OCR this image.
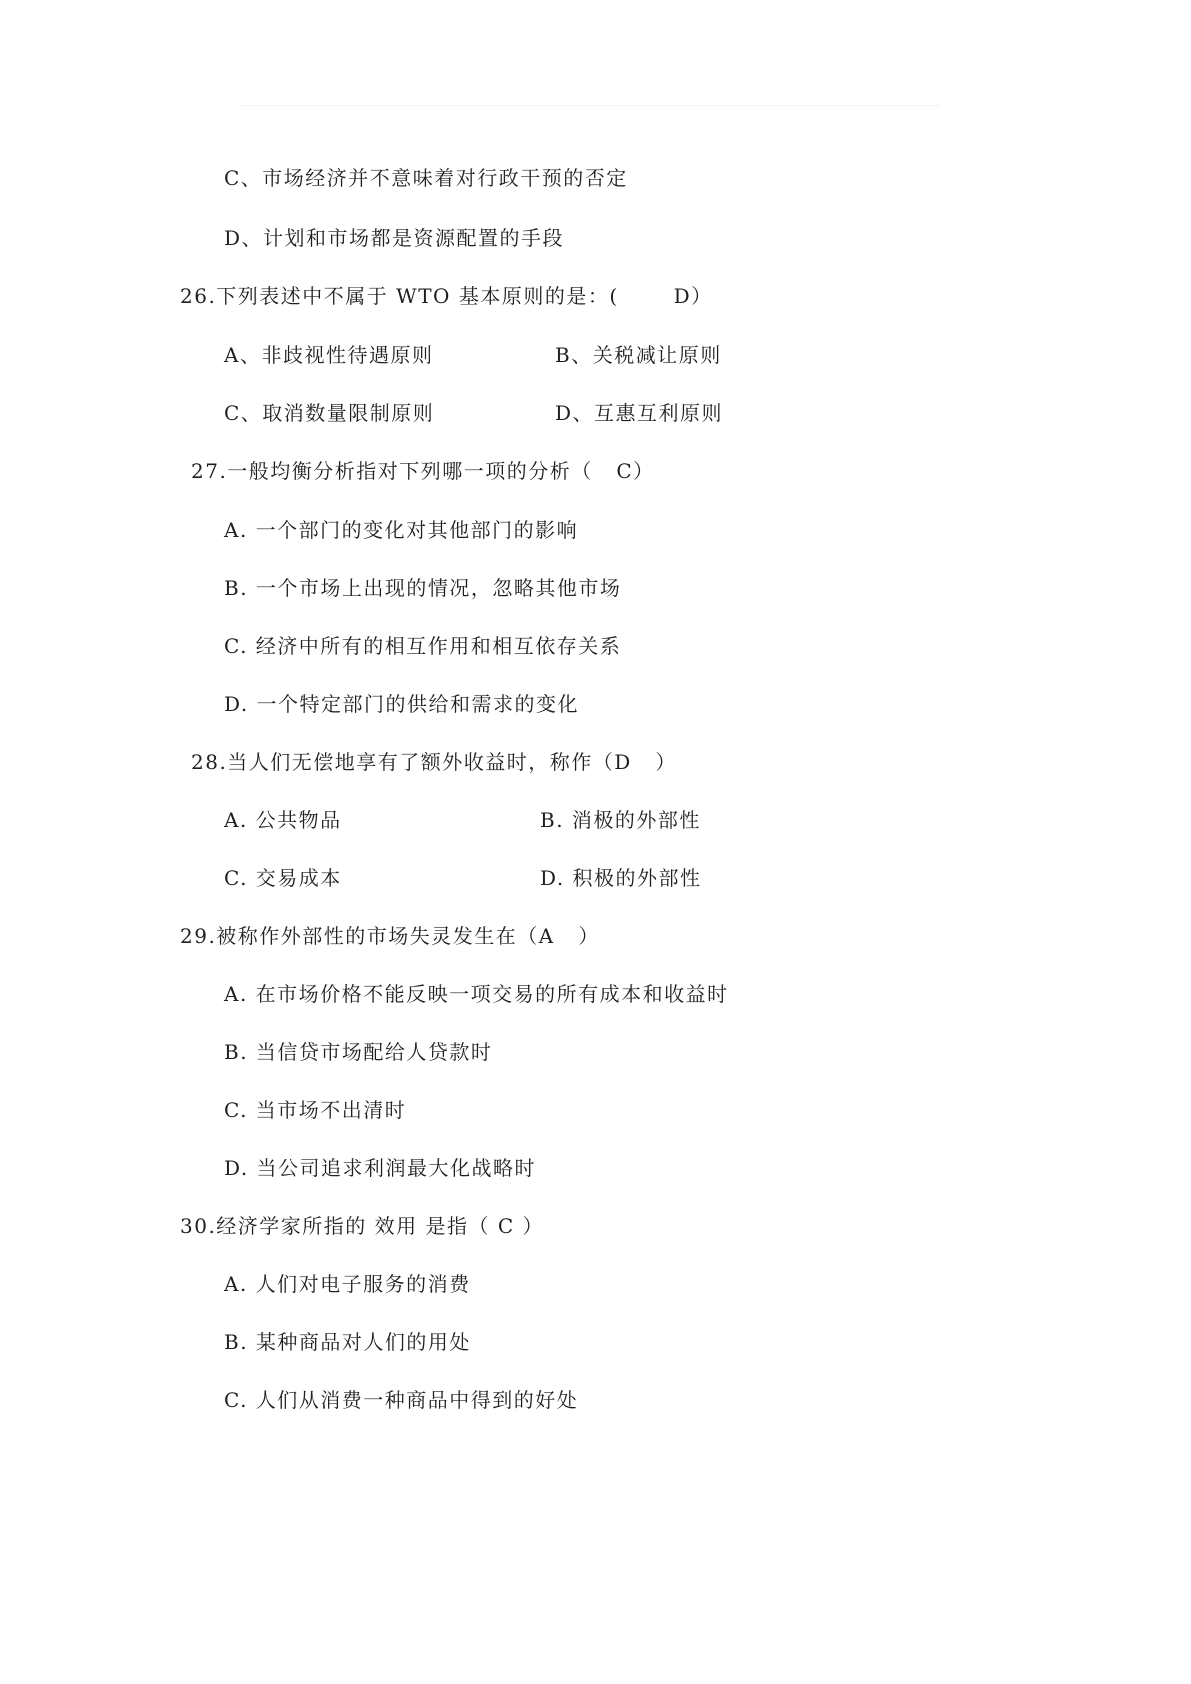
C、市场经济并不意味着对行政干预的否定
D、计划和市场都是资源配置的手段
26.下列表述中不属于 WTO 基本原则的是：(       D）
A、非歧视性待遇原则	B、关税减让原则
C、取消数量限制原则	D、互惠互利原则
27.一般均衡分析指对下列哪一项的分析（   C）
A. 一个部门的变化对其他部门的影响
B. 一个市场上出现的情况，忽略其他市场
C. 经济中所有的相互作用和相互依存关系
D. 一个特定部门的供给和需求的变化
28.当人们无偿地享有了额外收益时，称作（D   ）
A. 公共物品	B. 消极的外部性
C. 交易成本	D. 积极的外部性
29.被称作外部性的市场失灵发生在（A   ）
A. 在市场价格不能反映一项交易的所有成本和收益时
B. 当信贷市场配给人贷款时
C. 当市场不出清时
D. 当公司追求利润最大化战略时
30.经济学家所指的 效用 是指（ C ）
A. 人们对电子服务的消费
B. 某种商品对人们的用处
C. 人们从消费一种商品中得到的好处
